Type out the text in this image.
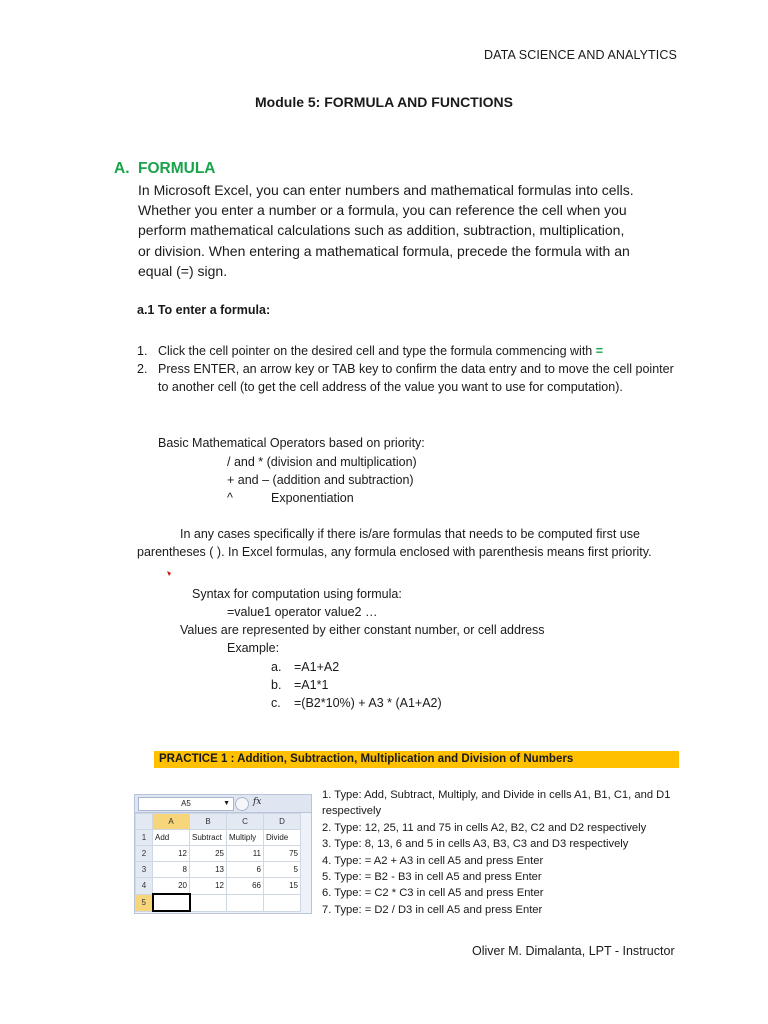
DATA SCIENCE AND ANALYTICS
Module 5: FORMULA AND FUNCTIONS
A. FORMULA
In Microsoft Excel, you can enter numbers and mathematical formulas into cells.
Whether you enter a number or a formula, you can reference the cell when you
perform mathematical calculations such as addition, subtraction, multiplication,
or division. When entering a mathematical formula, precede the formula with an
equal (=) sign.
a.1 To enter a formula:
1. Click the cell pointer on the desired cell and type the formula commencing with =
2. Press ENTER, an arrow key or TAB key to confirm the data entry and to move the cell pointer to another cell (to get the cell address of the value you want to use for computation).
Basic Mathematical Operators based on priority:
/ and * (division and multiplication)
+ and – (addition and subtraction)
^	Exponentiation
In any cases specifically if there is/are formulas that needs to be computed first use
parentheses ( ). In Excel formulas, any formula enclosed with parenthesis means first priority.
Syntax for computation using formula:
=value1 operator value2 …
Values are represented by either constant number, or cell address
Example:
a. =A1+A2
b. =A1*1
c. =(B2*10%) + A3 * (A1+A2)
PRACTICE 1 : Addition, Subtraction, Multiplication and Division of Numbers
A5	▼	fx
	A	B	C	D
1	Add	Subtract	Multiply	Divide
2	12	25	11	75
3	8	13	6	5
4	20	12	66	15
5				
1. Type: Add, Subtract, Multiply, and Divide in cells A1, B1, C1, and D1 respectively
2. Type: 12, 25, 11 and 75 in cells A2, B2, C2 and D2 respectively
3. Type: 8, 13, 6 and 5 in cells A3, B3, C3 and D3 respectively
4. Type: = A2 + A3 in cell A5 and press Enter
5. Type: = B2 - B3 in cell A5 and press Enter
6. Type: = C2 * C3 in cell A5 and press Enter
7. Type: = D2 / D3 in cell A5 and press Enter
Oliver M. Dimalanta, LPT - Instructor
